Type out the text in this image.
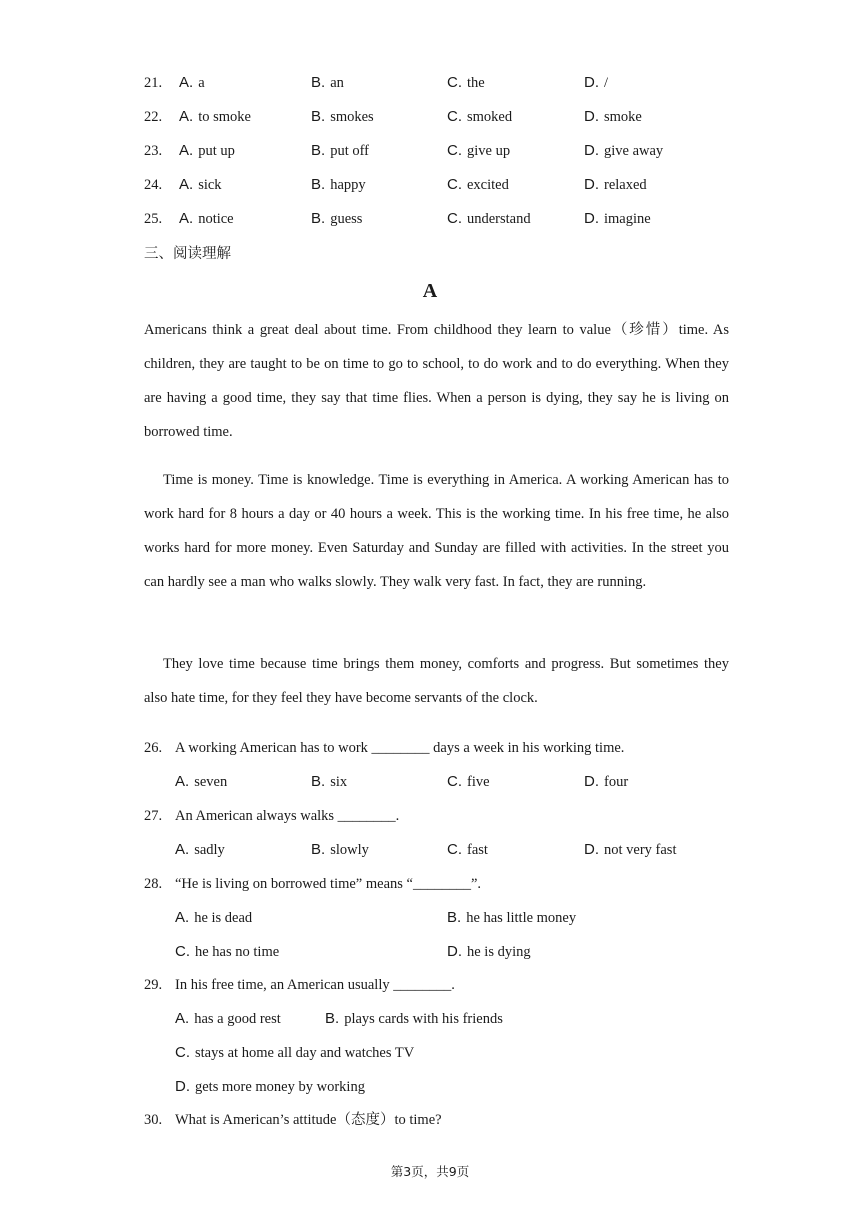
21. A. a	B. an	C. the	D. /
22. A. to smoke	B. smokes	C. smoked	D. smoke
23. A. put up	B. put off	C. give up	D. give away
24. A. sick	B. happy	C. excited	D. relaxed
25. A. notice	B. guess	C. understand	D. imagine
三、阅读理解
A

Americans think a great deal about time. From childhood they learn to value（珍惜）time. As children, they are taught to be on time to go to school, to do work and to do everything. When they are having a good time, they say that time flies. When a person is dying, they say he is living on borrowed time.

Time is money. Time is knowledge. Time is everything in America. A working American has to work hard for 8 hours a day or 40 hours a week. This is the working time. In his free time, he also works hard for more money. Even Saturday and Sunday are filled with activities. In the street you can hardly see a man who walks slowly. They walk very fast. In fact, they are running.

They love time because time brings them money, comforts and progress. But sometimes they also hate time, for they feel they have become servants of the clock.

26. A working American has to work ________ days a week in his working time.
A. seven	B. six	C. five	D. four
27. An American always walks ________.
A. sadly	B. slowly	C. fast	D. not very fast
28. “He is living on borrowed time” means “________”.
A. he is dead	B. he has little money
C. he has no time	D. he is dying
29. In his free time, an American usually ________.
A. has a good rest	B. plays cards with his friends
C. stays at home all day and watches TV
D. gets more money by working
30. What is American’s attitude（态度）to time?
第3页，共9页
